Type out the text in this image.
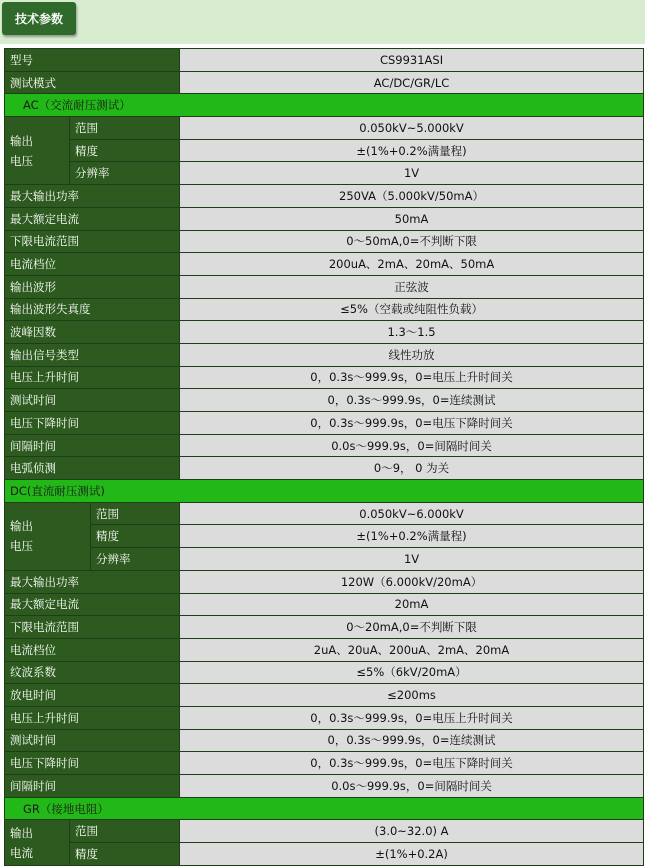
技术参数
型号			CS9931ASI
测试模式			AC/DC/GR/LC
AC（交流耐压测试）			

输出
电压	范围		0.050kV~5.000kV
	精度		±(1%+0.2%满量程)
	分辨率		1V
最大输出功率			250VA（5.000kV/50mA）
最大额定电流			50mA
下限电流范围			0～50mA,0=不判断下限
电流档位			200uA、2mA、20mA、50mA
输出波形			正弦波
输出波形失真度			≤5%（空载或纯阻性负载）
波峰因数			1.3～1.5
输出信号类型			线性功放
电压上升时间			0，0.3s～999.9s，0=电压上升时间关
测试时间			0，0.3s～999.9s，0=连续测试
电压下降时间			0，0.3s～999.9s，0=电压下降时间关
间隔时间			0.0s～999.9s，0=间隔时间关
电弧侦测			0～9， 0 为关
DC(直流耐压测试)			

输出
电压		范围	0.050kV~6.000kV
		精度	±(1%+0.2%满量程)
		分辨率	1V
最大输出功率			120W（6.000kV/20mA）
最大额定电流			20mA
下限电流范围			0～20mA,0=不判断下限
电流档位			2uA、20uA、200uA、2mA、20mA
纹波系数			≤5%（6kV/20mA）
放电时间			≤200ms
电压上升时间			0，0.3s～999.9s，0=电压上升时间关
测试时间			0，0.3s～999.9s，0=连续测试
电压下降时间			0，0.3s～999.9s，0=电压下降时间关
间隔时间			0.0s～999.9s，0=间隔时间关
GR（接地电阻）			

输出
电流	范围		(3.0~32.0) A
	精度		±(1%+0.2A)
